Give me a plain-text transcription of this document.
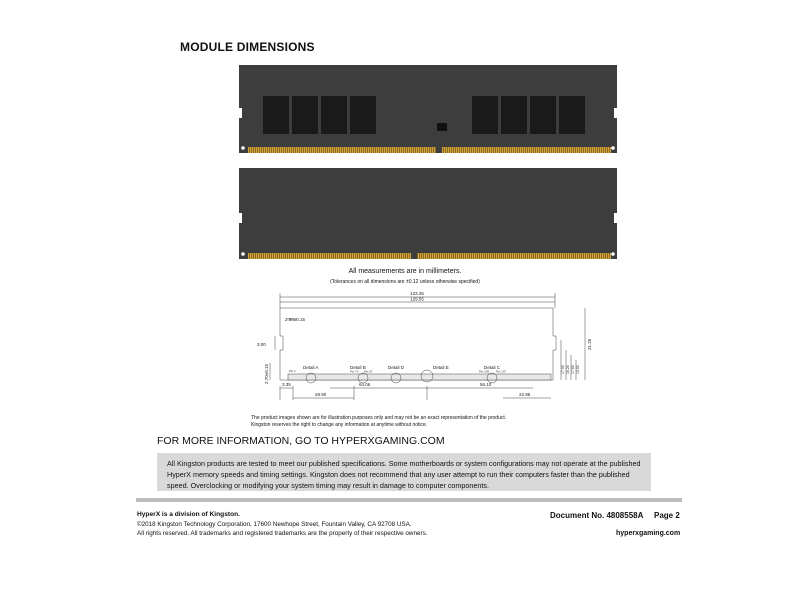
MODULE DIMENSIONS
All measurements are in millimeters.
(Tolerances on all dimensions are ±0.12 unless otherwise specified)
133.35
129.55
2.50±0.15
3.00
2.70±0.15
3.35
28.90
64.06	56.10
22.95
31.25
17.00 16.20 17.60 13.00
Detail A	Detail B	Detail D	Detail E	Detail C
Pin 1	Pin 72 Pin 97	Pin 230 Pin 137
The product images shown are for illustration purposes only and may not be an exact representation of the product.
Kingston reserves the right to change any information at anytime without notice.
FOR MORE INFORMATION, GO TO HYPERXGAMING.COM
All Kingston products are tested to meet our published specifications. Some motherboards or system configurations may not operate at the published HyperX memory speeds and timing settings. Kingston does not recommend that any user attempt to run their computers faster than the published speed. Overclocking or modifying your system timing may result in damage to computer components.
HyperX is a division of Kingston.
©2018 Kingston Technology Corporation, 17600 Newhope Street, Fountain Valley, CA 92708 USA.
All rights reserved. All trademarks and registered trademarks are the property of their respective owners.
Document No. 4808558A Page 2
hyperxgaming.com
